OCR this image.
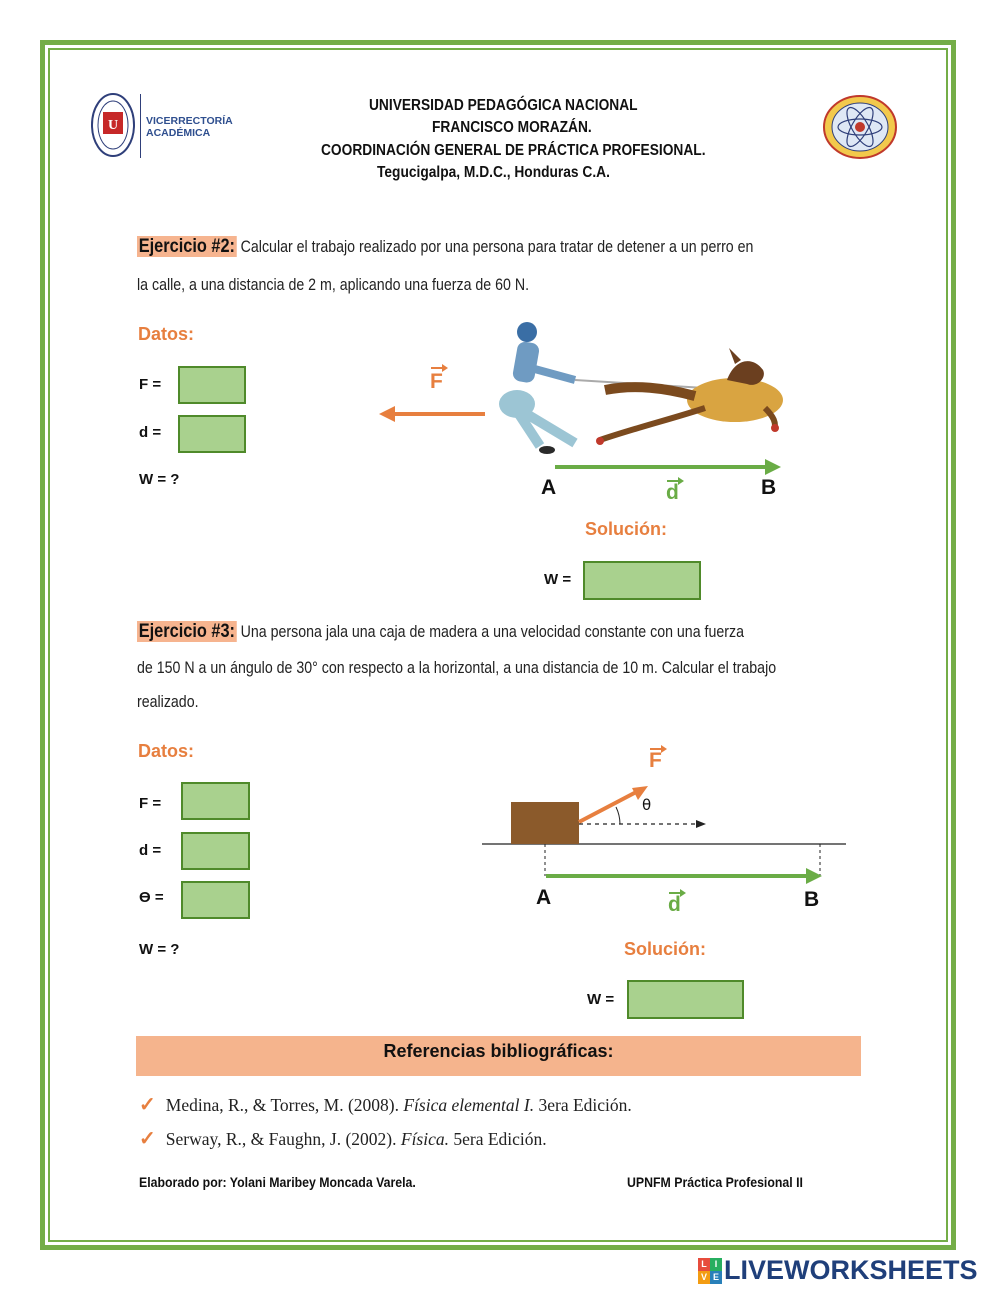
U	VICERRECTORÍA
ACADÉMICA
UNIVERSIDAD PEDAGÓGICA NACIONAL
FRANCISCO MORAZÁN.
COORDINACIÓN GENERAL DE PRÁCTICA PROFESIONAL.
Tegucigalpa, M.D.C., Honduras C.A.
Ejercicio #2: Calcular el trabajo realizado por una persona para tratar de detener a un perro en
la calle, a una distancia de 2 m, aplicando una fuerza de 60 N.
Datos:
F =
d =
W = ?
F
A	B
d
Solución:
W =
Ejercicio #3: Una persona jala una caja de madera a una velocidad constante con una fuerza
de 150 N a un ángulo de 30° con respecto a la horizontal, a una distancia de 10 m. Calcular el trabajo
realizado.
Datos:
F =
d =
ϴ =
W = ?
F
θ
A	B
d
Solución:
W =
Referencias bibliográficas:
✓ Medina, R., & Torres, M. (2008). Física elemental I. 3era Edición.
✓ Serway, R., & Faughn, J. (2002). Física. 5era Edición.
Elaborado por: Yolani Maribey Moncada Varela.	UPNFM Práctica Profesional II
L I
V E LIVEWORKSHEETS
